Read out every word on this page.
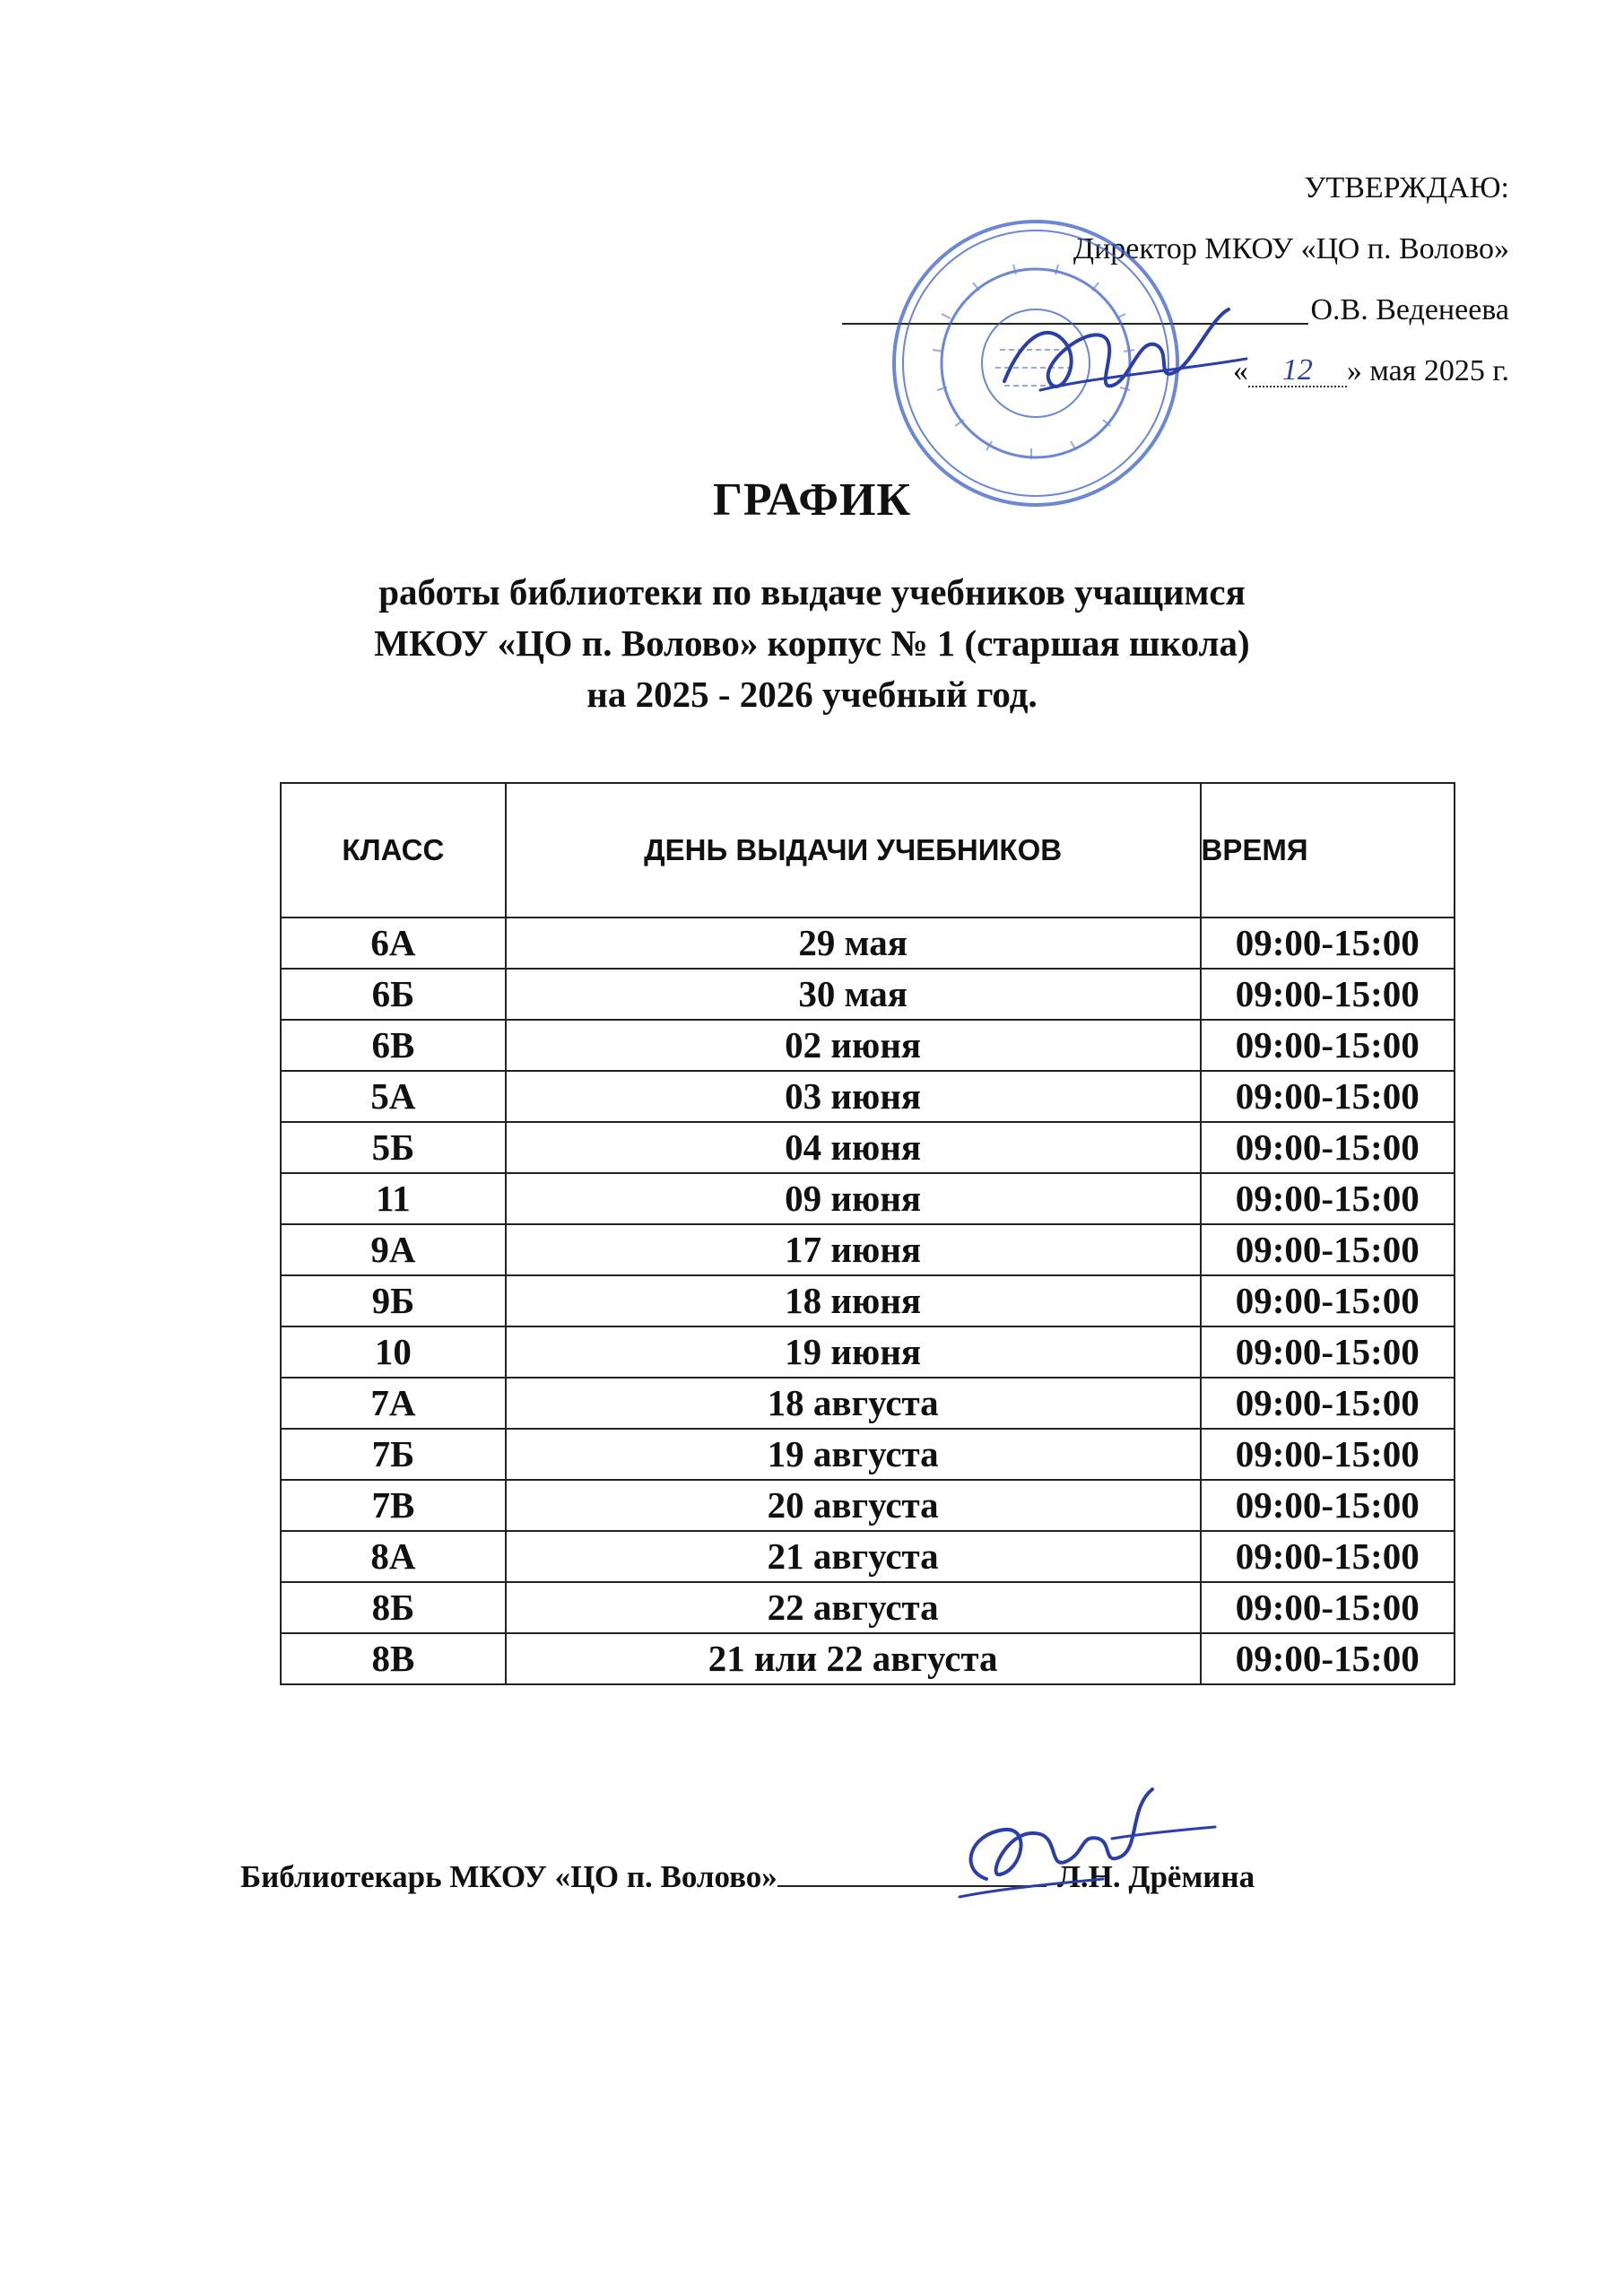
УТВЕРЖДАЮ:
Директор МКОУ «ЦО п. Волово»
О.В. Веденеева
«	12	» мая 2025 г.
ГРАФИК
работы библиотеки по выдаче учебников учащимся
МКОУ «ЦО п. Волово» корпус № 1 (старшая школа)
на 2025 - 2026 учебный год.
КЛАСС	ДЕНЬ ВЫДАЧИ УЧЕБНИКОВ	ВРЕМЯ
6А	29 мая	09:00-15:00
6Б	30 мая	09:00-15:00
6В	02 июня	09:00-15:00
5А	03 июня	09:00-15:00
5Б	04 июня	09:00-15:00
11	09 июня	09:00-15:00
9А	17 июня	09:00-15:00
9Б	18 июня	09:00-15:00
10	19 июня	09:00-15:00
7А	18 августа	09:00-15:00
7Б	19 августа	09:00-15:00
7В	20 августа	09:00-15:00
8А	21 августа	09:00-15:00
8Б	22 августа	09:00-15:00
8В	21 или 22 августа	09:00-15:00
Библиотекарь МКОУ «ЦО п. Волово»	Л.Н. Дрёмина
